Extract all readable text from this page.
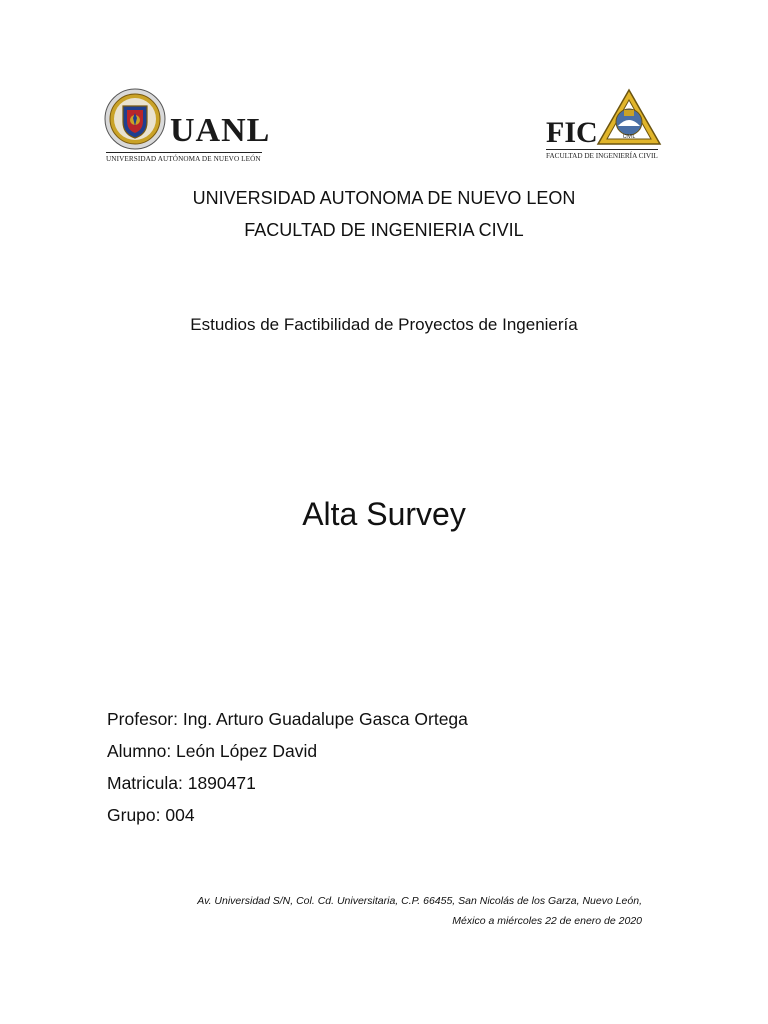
UANL
UNIVERSIDAD AUTÓNOMA DE NUEVO LEÓN
FIC	CIVIL
FACULTAD DE INGENIERÍA CIVIL
UNIVERSIDAD AUTONOMA DE NUEVO LEON
FACULTAD DE INGENIERIA CIVIL
Estudios de Factibilidad de Proyectos de Ingeniería
Alta Survey
Profesor: Ing. Arturo Guadalupe Gasca Ortega
Alumno: León López David
Matricula: 1890471
Grupo: 004
Av. Universidad S/N, Col. Cd. Universitaria, C.P. 66455, San Nicolás de los Garza, Nuevo León,
México a miércoles 22 de enero de 2020
